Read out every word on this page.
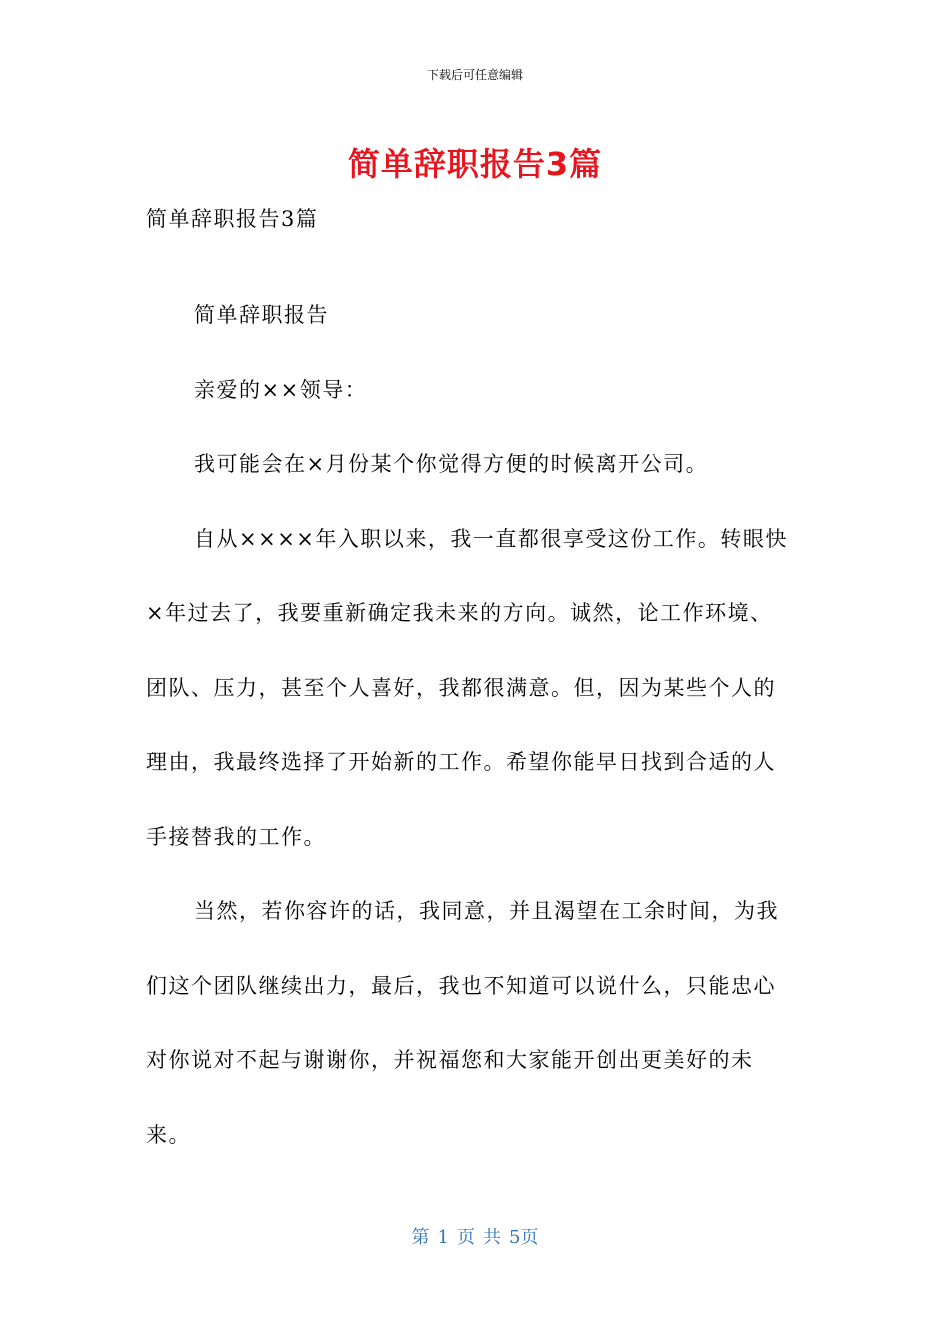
下载后可任意编辑
简单辞职报告3篇
简单辞职报告3篇

简单辞职报告

亲爱的××领导：

我可能会在×月份某个你觉得方便的时候离开公司。

自从××××年入职以来，我一直都很享受这份工作。转眼快×年过去了，我要重新确定我未来的方向。诚然，论工作环境、团队、压力，甚至个人喜好，我都很满意。但，因为某些个人的理由，我最终选择了开始新的工作。希望你能早日找到合适的人手接替我的工作。

当然，若你容许的话，我同意，并且渴望在工余时间，为我们这个团队继续出力，最后，我也不知道可以说什么，只能忠心对你说对不起与谢谢你，并祝福您和大家能开创出更美好的未来。

第 1 页 共 5页
